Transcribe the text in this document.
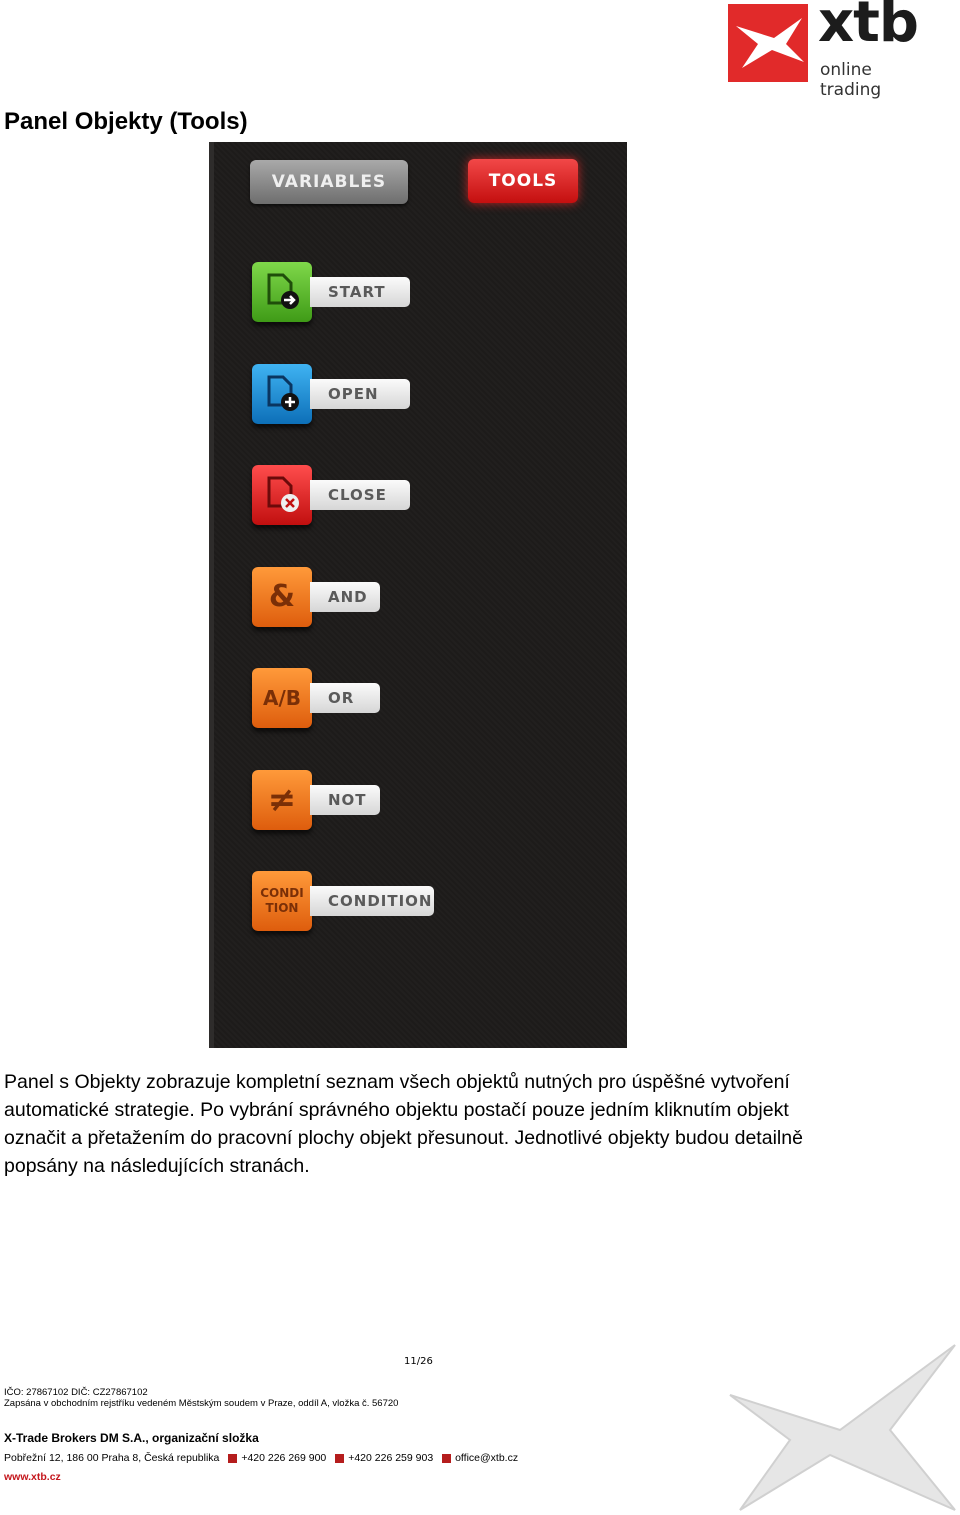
xtb
online trading
Panel Objekty (Tools)
VARIABLES	TOOLS
START
OPEN
CLOSE
&	AND
A/B	OR
≠	NOT
CONDI
TION	CONDITION
Panel s Objekty zobrazuje kompletní seznam všech objektů nutných pro úspěšné vytvoření
automatické strategie. Po vybrání správného objektu postačí pouze jedním kliknutím objekt
označit a přetažením do pracovní plochy objekt přesunout. Jednotlivé objekty budou detailně
popsány na následujících stranách.
11/26
IČO: 27867102 DIČ: CZ27867102
Zapsána v obchodním rejstříku vedeném Městským soudem v Praze, oddíl A, vložka č. 56720
X-Trade Brokers DM S.A., organizační složka
Pobřežní 12, 186 00 Praha 8, Česká republika +420 226 269 900 +420 226 259 903 office@xtb.cz
www.xtb.cz
